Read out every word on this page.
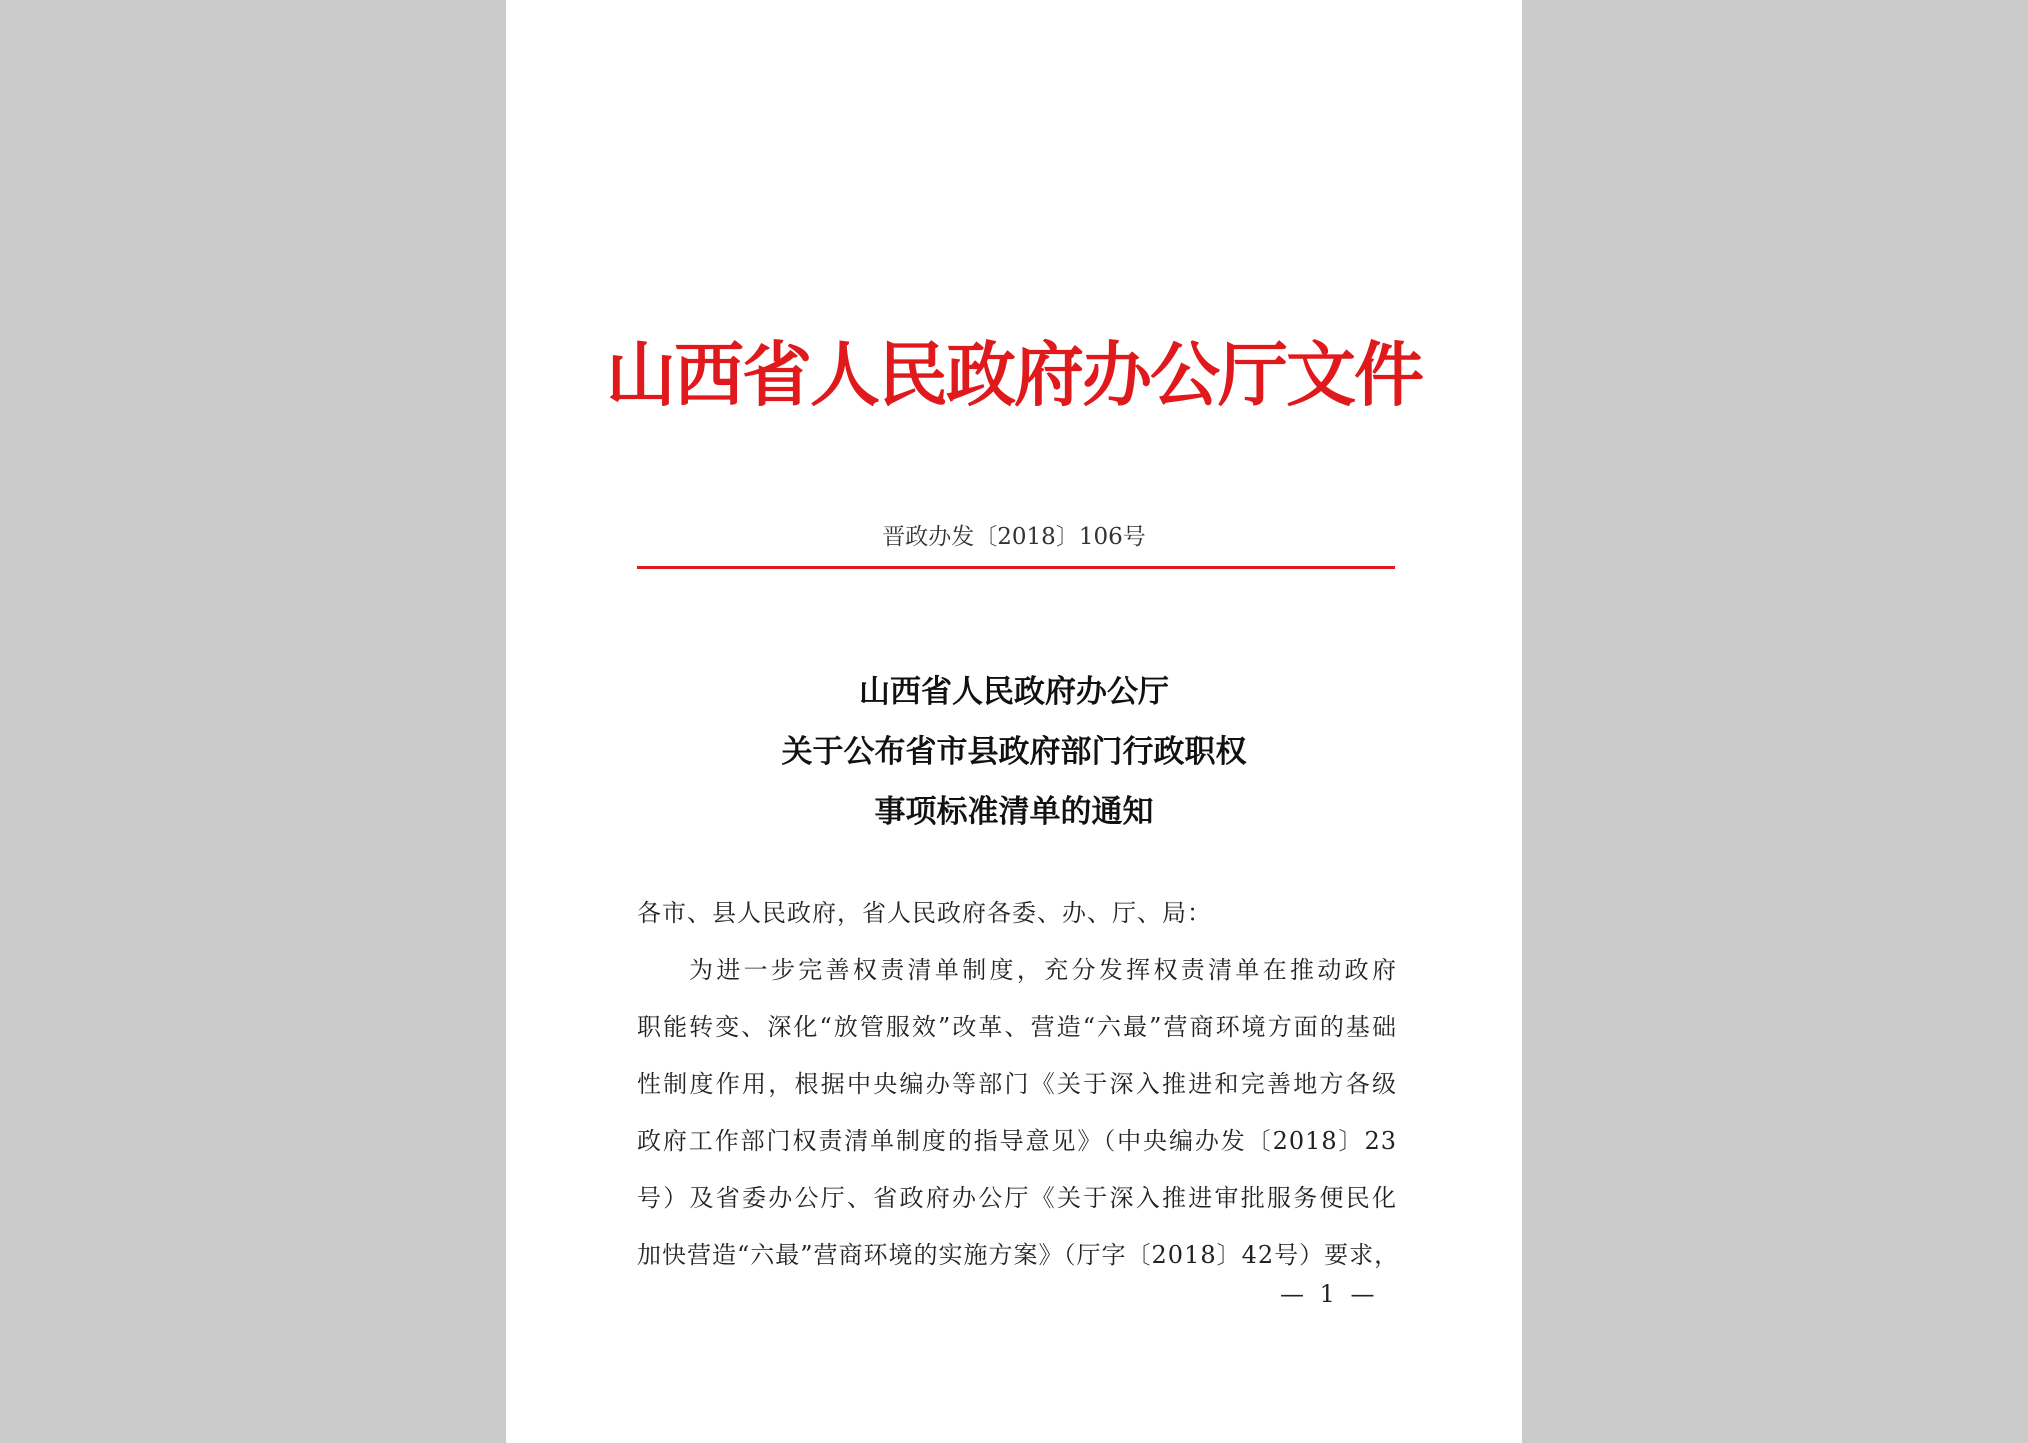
山西省人民政府办公厅文件
晋政办发〔2018〕106号
山西省人民政府办公厅
关于公布省市县政府部门行政职权
事项标准清单的通知
各市、县人民政府，省人民政府各委、办、厅、局：
为进一步完善权责清单制度，充分发挥权责清单在推动政府
职能转变、深化“放管服效”改革、营造“六最”营商环境方面的基础
性制度作用，根据中央编办等部门《关于深入推进和完善地方各级
政府工作部门权责清单制度的指导意见》（中央编办发〔2018〕23
号）及省委办公厅、省政府办公厅《关于深入推进审批服务便民化
加快营造“六最”营商环境的实施方案》（厅字〔2018〕42号）要求，
— 1 —
